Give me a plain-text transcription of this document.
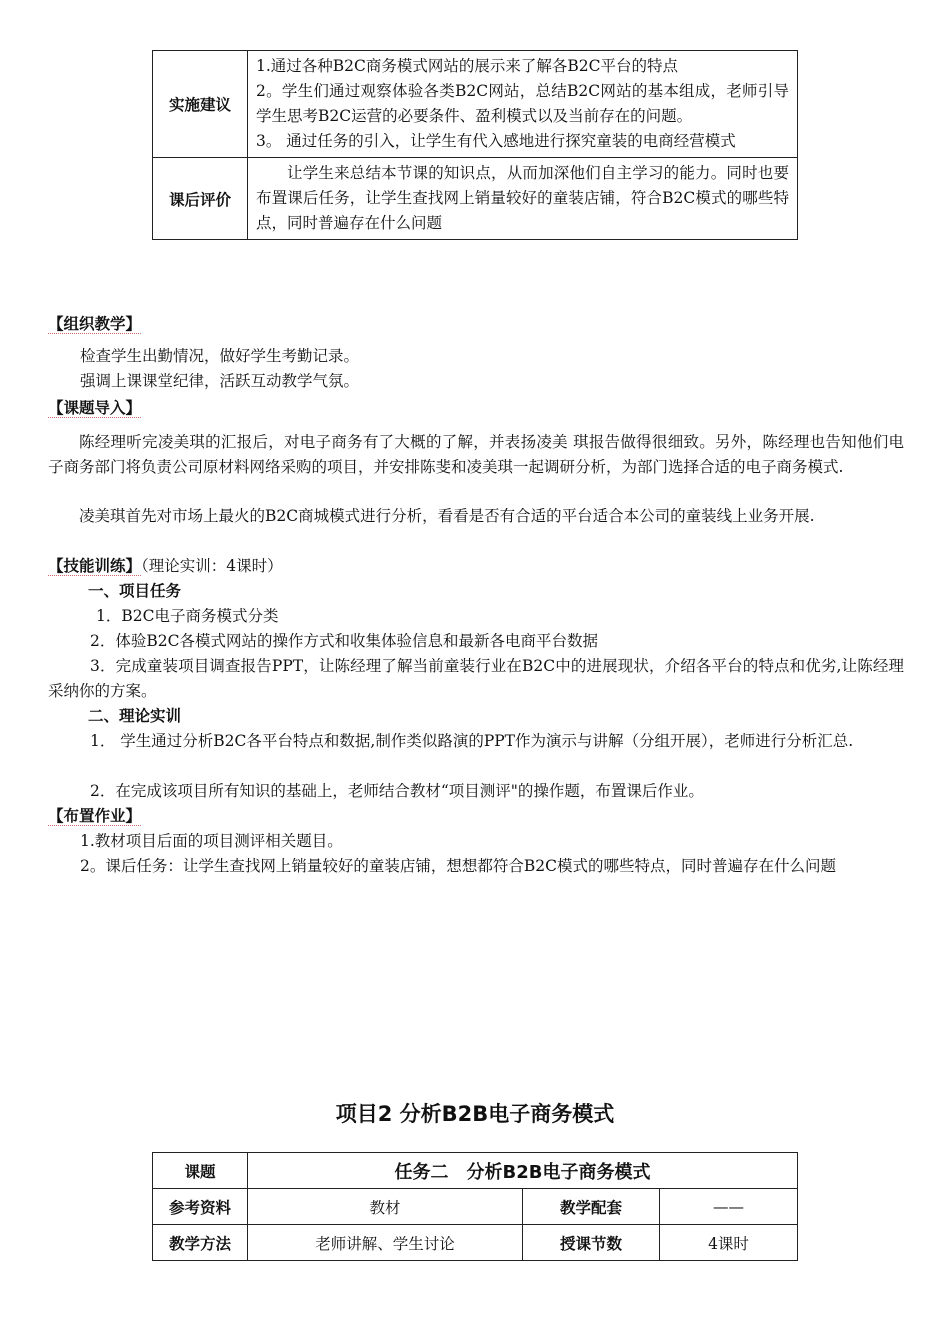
实施建议	1.通过各种B2C商务模式网站的展示来了解各B2C平台的特点
2。学生们通过观察体验各类B2C网站，总结B2C网站的基本组成，老师引导学生思考B2C运营的必要条件、盈利模式以及当前存在的问题。
3。 通过任务的引入，让学生有代入感地进行探究童装的电商经营模式

课后评价	让学生来总结本节课的知识点，从而加深他们自主学习的能力。同时也要布置课后任务，让学生查找网上销量较好的童装店铺，符合B2C模式的哪些特点，同时普遍存在什么问题
【组织教学】

检查学生出勤情况，做好学生考勤记录。

强调上课课堂纪律，活跃互动教学气氛。

【课题导入】

陈经理听完凌美琪的汇报后，对电子商务有了大概的了解，并表扬凌美 琪报告做得很细致。另外，陈经理也告知他们电子商务部门将负责公司原材料网络采购的项目，并安排陈斐和凌美琪一起调研分析，为部门选择合适的电子商务模式.

凌美琪首先对市场上最火的B2C商城模式进行分析，看看是否有合适的平台适合本公司的童装线上业务开展.

【技能训练】（理论实训：4课时）

一、项目任务

1．B2C电子商务模式分类

2．体验B2C各模式网站的操作方式和收集体验信息和最新各电商平台数据

3．完成童装项目调查报告PPT，让陈经理了解当前童装行业在B2C中的进展现状，介绍各平台的特点和优劣,让陈经理采纳你的方案。

二、理论实训

1． 学生通过分析B2C各平台特点和数据,制作类似路演的PPT作为演示与讲解（分组开展），老师进行分析汇总.

2．在完成该项目所有知识的基础上，老师结合教材“项目测评"的操作题，布置课后作业。

【布置作业】

1.教材项目后面的项目测评相关题目。

2。课后任务：让学生查找网上销量较好的童装店铺，想想都符合B2C模式的哪些特点，同时普遍存在什么问题

项目2 分析B2B电子商务模式
课题	任务二　分析B2B电子商务模式		
参考资料	教材	教学配套	——
教学方法	老师讲解、学生讨论	授课节数	4课时
